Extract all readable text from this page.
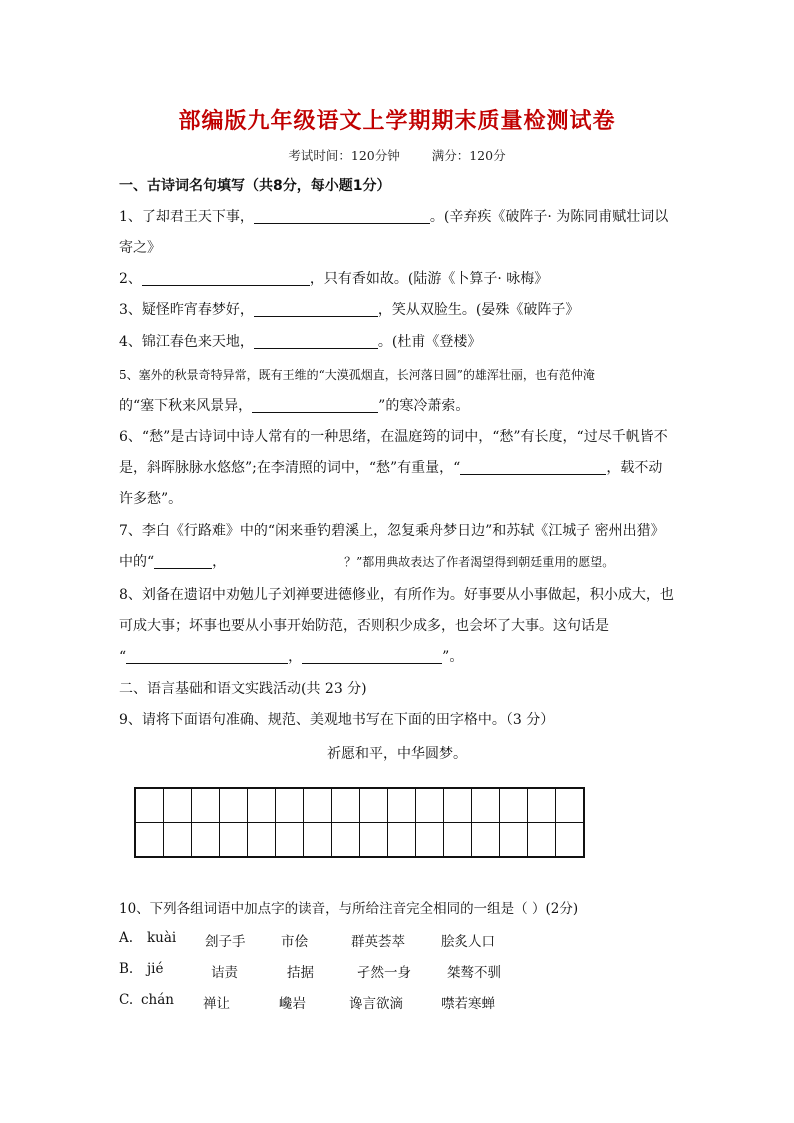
部编版九年级语文上学期期末质量检测试卷
考试时间：120分钟	满分：120分
一、古诗词名句填写（共8分，每小题1分）
1、了却君王天下事，	。(辛弃疾《破阵子· 为陈同甫赋壮词以
寄之》
2、	，只有香如故。(陆游《卜算子· 咏梅》
3、疑怪昨宵春梦好，	，笑从双脸生。(晏殊《破阵子》
4、锦江春色来天地，	。(杜甫《登楼》
5、塞外的秋景奇特异常，既有王维的“大漠孤烟直，长河落日圆”的雄浑壮丽，也有范仲淹
的“塞下秋来风景异，	”的寒冷萧索。
6、“愁”是古诗词中诗人常有的一种思绪，在温庭筠的词中，“愁”有长度，“过尽千帆皆不
是，斜晖脉脉水悠悠”;在李清照的词中，“愁”有重量，“	，载不动
许多愁”。
7、李白《行路难》中的“闲来垂钓碧溪上，忽复乘舟梦日边”和苏轼《江城子 密州出猎》
中的“	，	？”都用典故表达了作者渴望得到朝廷重用的愿望。
8、刘备在遗诏中劝勉儿子刘禅要进德修业，有所作为。好事要从小事做起，积小成大，也
可成大事；坏事也要从小事开始防范，否则积少成多，也会坏了大事。这句话是
“	，	”。
二、语言基础和语文实践活动(共 23 分)
9、请将下面语句准确、规范、美观地书写在下面的田字格中。（3 分）
祈愿和平，中华圆梦。

10、下列各组词语中加点字的读音，与所给注音完全相同的一组是（ ）(2分)
A. kuài 刽子手	市侩	群英荟萃	脍炙人口
B. jié	诘责	拮据	孑然一身	桀骜不驯
C. chán 禅让	巉岩	谗言欲滴	噤若寒蝉
